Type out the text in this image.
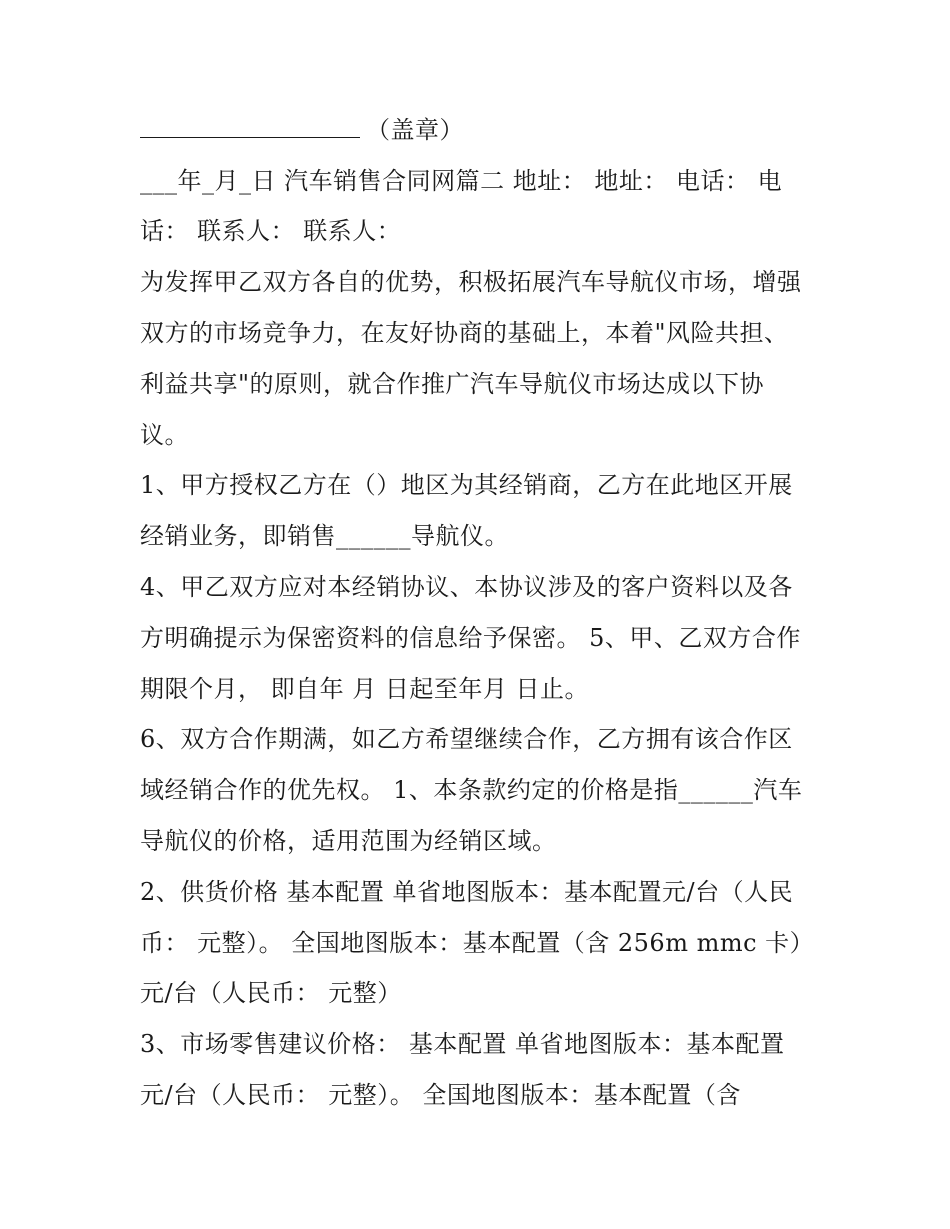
（盖章）
___年_月_日 汽车销售合同网篇二 地址： 地址： 电话： 电
话： 联系人： 联系人：
为发挥甲乙双方各自的优势，积极拓展汽车导航仪市场，增强
双方的市场竞争力，在友好协商的基础上，本着"风险共担、
利益共享"的原则，就合作推广汽车导航仪市场达成以下协
议。
1、甲方授权乙方在（）地区为其经销商，乙方在此地区开展
经销业务，即销售______导航仪。
4、甲乙双方应对本经销协议、本协议涉及的客户资料以及各
方明确提示为保密资料的信息给予保密。 5、甲、乙双方合作
期限个月， 即自年 月 日起至年月 日止。
6、双方合作期满，如乙方希望继续合作，乙方拥有该合作区
域经销合作的优先权。 1、本条款约定的价格是指______汽车
导航仪的价格，适用范围为经销区域。
2、供货价格 基本配置 单省地图版本：基本配置元/台（人民
币： 元整）。 全国地图版本：基本配置（含 256m mmc 卡）
元/台（人民币： 元整）
3、市场零售建议价格： 基本配置 单省地图版本：基本配置
元/台（人民币： 元整）。 全国地图版本：基本配置（含
